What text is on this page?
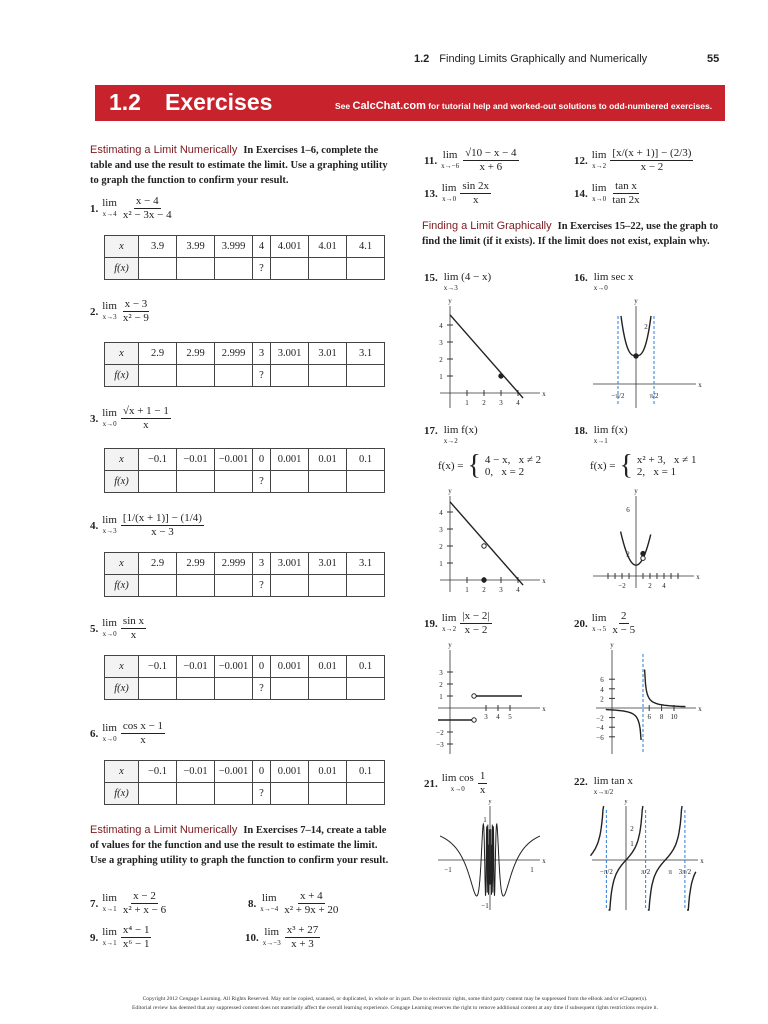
1.2 Finding Limits Graphically and Numerically	55
1.2 Exercises	See CalcChat.com for tutorial help and worked-out solutions to odd-numbered exercises.
Estimating a Limit Numerically In Exercises 1–6, complete the table and use the result to estimate the limit. Use a graphing utility to graph the function to confirm your result.
x	3.9	3.99	3.999	4	4.001	4.01	4.1
f(x)				?			
x	2.9	2.99	2.999	3	3.001	3.01	3.1
f(x)				?			
x	−0.1	−0.01	−0.001	0	0.001	0.01	0.1
f(x)				?			
x	2.9	2.99	2.999	3	3.001	3.01	3.1
f(x)				?			
x	−0.1	−0.01	−0.001	0	0.001	0.01	0.1
f(x)				?			
x	−0.1	−0.01	−0.001	0	0.001	0.01	0.1
f(x)				?			
Estimating a Limit Numerically In Exercises 7–14, create a table of values for the function and use the result to estimate the limit. Use a graphing utility to graph the function to confirm your result.
Finding a Limit Graphically In Exercises 15–22, use the graph to find the limit (if it exists). If the limit does not exist, explain why.
1. lim
$x\to 4 \frac{x - 4}{\text{x² − 3x − 4}}$
2. lim
$x\to 3 \frac{x - 3}{\text{x² − 9}}$
3. lim
$x\to 0 \frac{√x + 1 - 1}{x}$
4. lim
$x\to 3 \frac{[1/(x + 1)] - (1/4)}{x - 3}$
5. lim
$x\to 0 \frac{\text{sin x}}{x}$
6. lim
$x\to 0 \frac{\text{cos x − 1}}{x}$
7. lim
$x\to 1 \frac{x - 2}{\text{x² + x − 6}}$	8. lim
$x\to-4 \frac{x + 4}{\text{x² + 9x + 20}}$
9. lim
$x\to 1 \frac{\text{x⁴ − 1}}{\text{x⁶ − 1}}$	10. lim
$x\to-3 \frac{\text{x³ + 27}}{x + 3}$
11. lim
$x\to-6 \frac{√10 - x - 4}{x + 6}$	12. lim
$x\to 2 \frac{[x/(x + 1)] - (2/3)}{x - 2}$
13. lim
$x\to 0 \frac{\sin 2x}{x}$	14. lim
$x\to 0 \frac{\text{tan x}}{\tan 2x}$
19. lim
$x\to 2 \frac{|x - 2|}{x - 2}$	20. lim
$x\to 5 \frac{2}{x - 5}$
21. lim cos
$x\to 0 \frac{1}{x}$
15. lim (4 − x)
x→3
16. lim sec x
x→0
17. lim f(x)
x→2
18. lim f(x)
x→1
22. lim tan x
x→π/2
f(x) = { 4 − x,   x ≠ 2
0,   x = 2	f(x) = { x² + 3,   x ≠ 1
2,   x = 1
x
y
1
1
2
2
3
3
4
4
x
y
2
−π/2	π/2
x
y
1
1
2
2
3
3
4
4
x
y
−2	2 4
2
6
x
y
3
2
1
−2
−3
3 4 5
x
y
6
4
2
−2
−4
−6
6 8 10
x
y
−1	1
1
−1
x
y
2
1
−π/2	π/2	π 3π/2
Copyright 2012 Cengage Learning. All Rights Reserved. May not be copied, scanned, or duplicated, in whole or in part. Due to electronic rights, some third party content may be suppressed from the eBook and/or eChapter(s).
Editorial review has deemed that any suppressed content does not materially affect the overall learning experience. Cengage Learning reserves the right to remove additional content at any time if subsequent rights restrictions require it.
